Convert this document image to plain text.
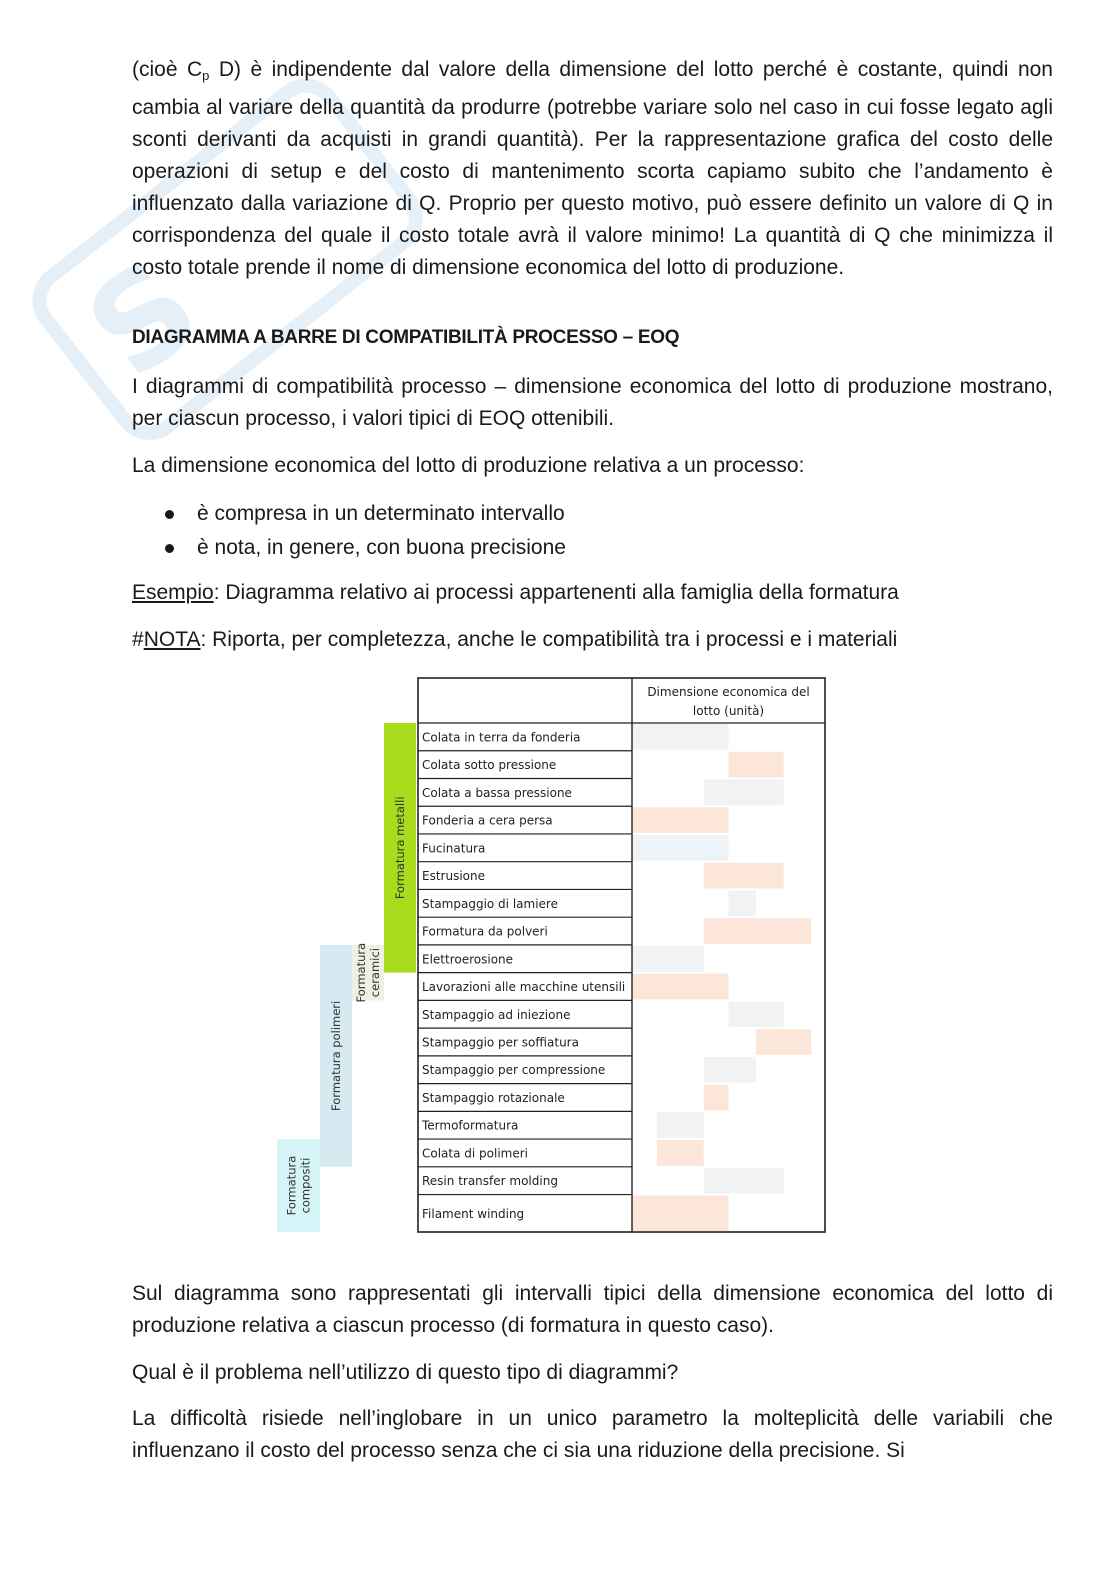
S
(cioè $C_p$ D) è indipendente dal valore della dimensione del lotto perché è costante, quindi non cambia al variare della quantità da produrre (potrebbe variare solo nel caso in cui fosse legato agli sconti derivanti da acquisti in grandi quantità). Per la rappresentazione grafica del costo delle operazioni di setup e del costo di mantenimento scorta capiamo subito che l’andamento è influenzato dalla variazione di Q. Proprio per questo motivo, può essere definito un valore di Q in corrispondenza del quale il costo totale avrà il valore minimo! La quantità di Q che minimizza il costo totale prende il nome di dimensione economica del lotto di produzione.
DIAGRAMMA A BARRE DI COMPATIBILITÀ PROCESSO – EOQ
I diagrammi di compatibilità processo – dimensione economica del lotto di produzione mostrano, per ciascun processo, i valori tipici di EOQ ottenibili.
La dimensione economica del lotto di produzione relativa a un processo:
è compresa in un determinato intervallo
è nota, in genere, con buona precisione
Esempio: Diagramma relativo ai processi appartenenti alla famiglia della formatura
#NOTA: Riporta, per completezza, anche le compatibilità tra i processi e i materiali
Formatura metalli
Formaturaceramici
Formatura polimeri
Formaturacompositi
Dimensione economica del lotto (unità)
Colata in terra da fonderia
Colata sotto pressione
Colata a bassa pressione
Fonderia a cera persa
Fucinatura
Estrusione
Stampaggio di lamiere
Formatura da polveri
Elettroerosione
Lavorazioni alle macchine utensili
Stampaggio ad iniezione
Stampaggio per soffiatura
Stampaggio per compressione
Stampaggio rotazionale
Termoformatura
Colata di polimeri
Resin transfer molding
Filament winding
Sul diagramma sono rappresentati gli intervalli tipici della dimensione economica del lotto di produzione relativa a ciascun processo (di formatura in questo caso).
Qual è il problema nell’utilizzo di questo tipo di diagrammi?
La difficoltà risiede nell’inglobare in un unico parametro la molteplicità delle variabili che influenzano il costo del processo senza che ci sia una riduzione della precisione. Si
